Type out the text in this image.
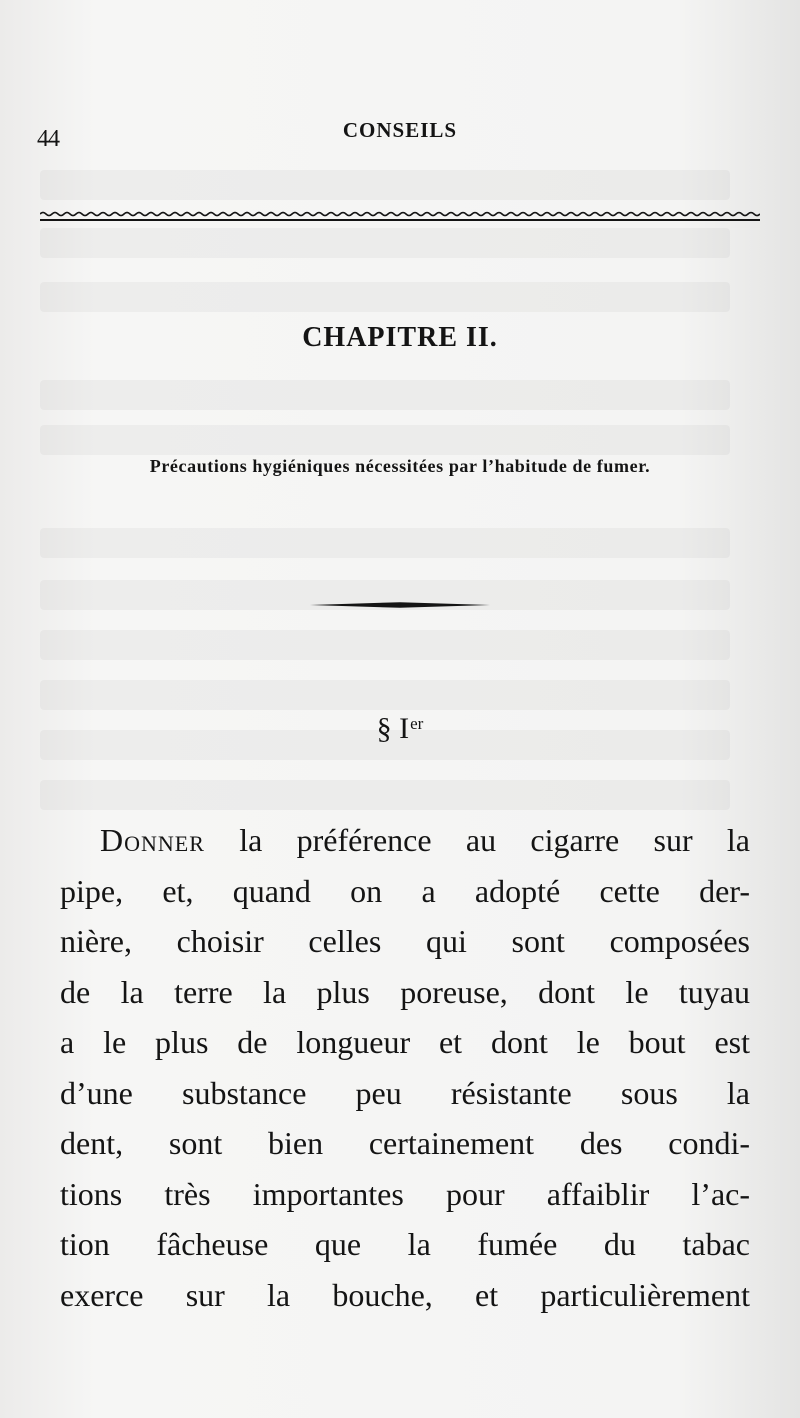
44	CONSEILS
CHAPITRE II.
Précautions hygiéniques nécessitées par l’habitude de fumer.
§ Ier
Donner la préférence au cigarre sur la
pipe, et, quand on a adopté cette der-
nière, choisir celles qui sont composées
de la terre la plus poreuse, dont le tuyau
a le plus de longueur et dont le bout est
d’une substance peu résistante sous la
dent, sont bien certainement des condi-
tions très importantes pour affaiblir l’ac-
tion fâcheuse que la fumée du tabac
exerce sur la bouche, et particulièrement
